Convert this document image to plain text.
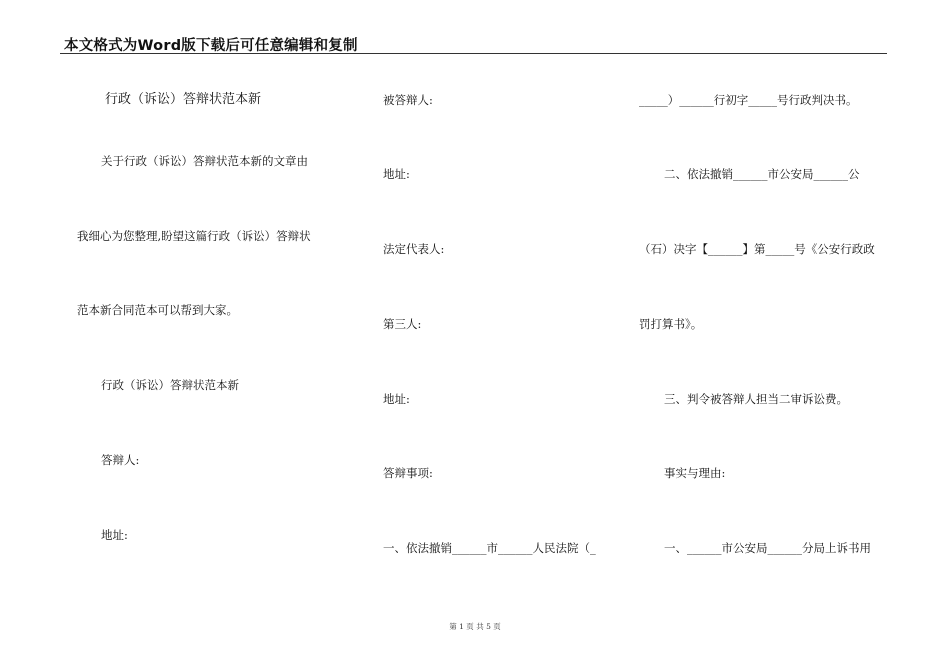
本文格式为Word版下载后可任意编辑和复制
行政（诉讼）答辩状范本新
关于行政（诉讼）答辩状范本新的文章由
我细心为您整理,盼望这篇行政（诉讼）答辩状
范本新合同范本可以帮到大家。
行政（诉讼）答辩状范本新
答辩人:
地址:
被答辩人:
地址:
法定代表人:
第三人:
地址:
答辩事项:
一、依法撤销______市______人民法院（_
_____）______行初字_____号行政判决书。
二、依法撤销______市公安局______公
（石）决字【______】第_____号《公安行政政
罚打算书》。
三、判令被答辩人担当二审诉讼费。
事实与理由:
一、______市公安局______分局上诉书用
第 1 页 共 5 页
